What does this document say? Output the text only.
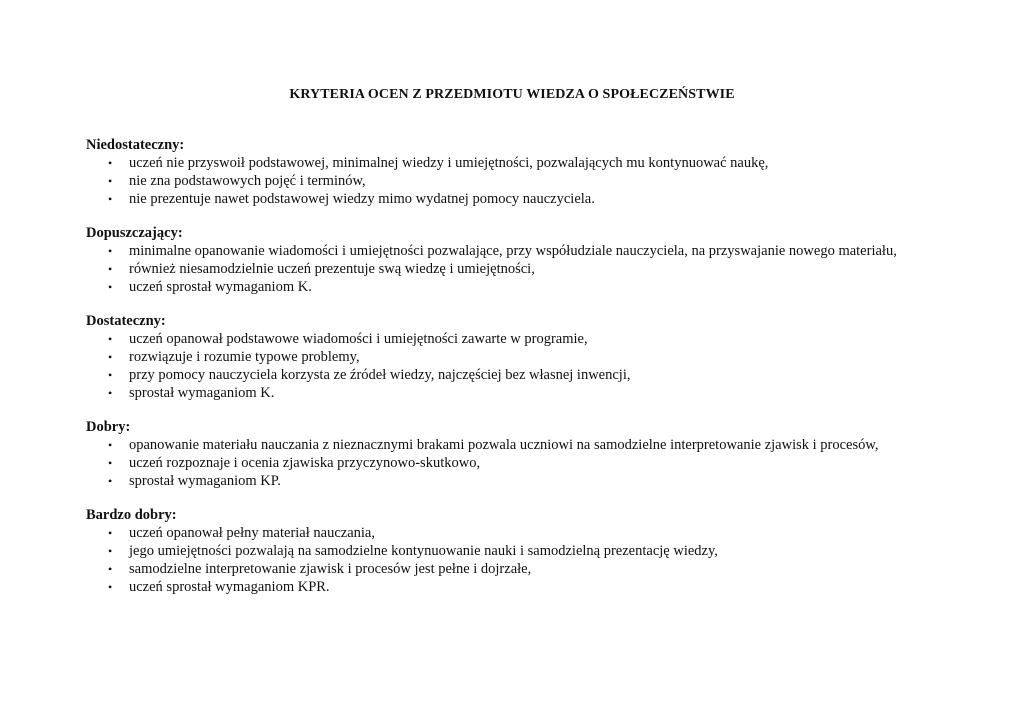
KRYTERIA OCEN Z PRZEDMIOTU WIEDZA O SPOŁECZEŃSTWIE
Niedostateczny:
• uczeń nie przyswoił podstawowej, minimalnej wiedzy i umiejętności, pozwalających mu kontynuować naukę,
• nie zna podstawowych pojęć i terminów,
• nie prezentuje nawet podstawowej wiedzy mimo wydatnej pomocy nauczyciela.
Dopuszczający:
• minimalne opanowanie wiadomości i umiejętności pozwalające, przy współudziale nauczyciela, na przyswajanie nowego materiału,
• również niesamodzielnie uczeń prezentuje swą wiedzę i umiejętności,
• uczeń sprostał wymaganiom K.
Dostateczny:
• uczeń opanował podstawowe wiadomości i umiejętności zawarte w programie,
• rozwiązuje i rozumie typowe problemy,
• przy pomocy nauczyciela korzysta ze źródeł wiedzy, najczęściej bez własnej inwencji,
• sprostał wymaganiom K.
Dobry:
• opanowanie materiału nauczania z nieznacznymi brakami pozwala uczniowi na samodzielne interpretowanie zjawisk i procesów,
• uczeń rozpoznaje i ocenia zjawiska przyczynowo-skutkowo,
• sprostał wymaganiom KP.
Bardzo dobry:
• uczeń opanował pełny materiał nauczania,
• jego umiejętności pozwalają na samodzielne kontynuowanie nauki i samodzielną prezentację wiedzy,
• samodzielne interpretowanie zjawisk i procesów jest pełne i dojrzałe,
• uczeń sprostał wymaganiom KPR.
